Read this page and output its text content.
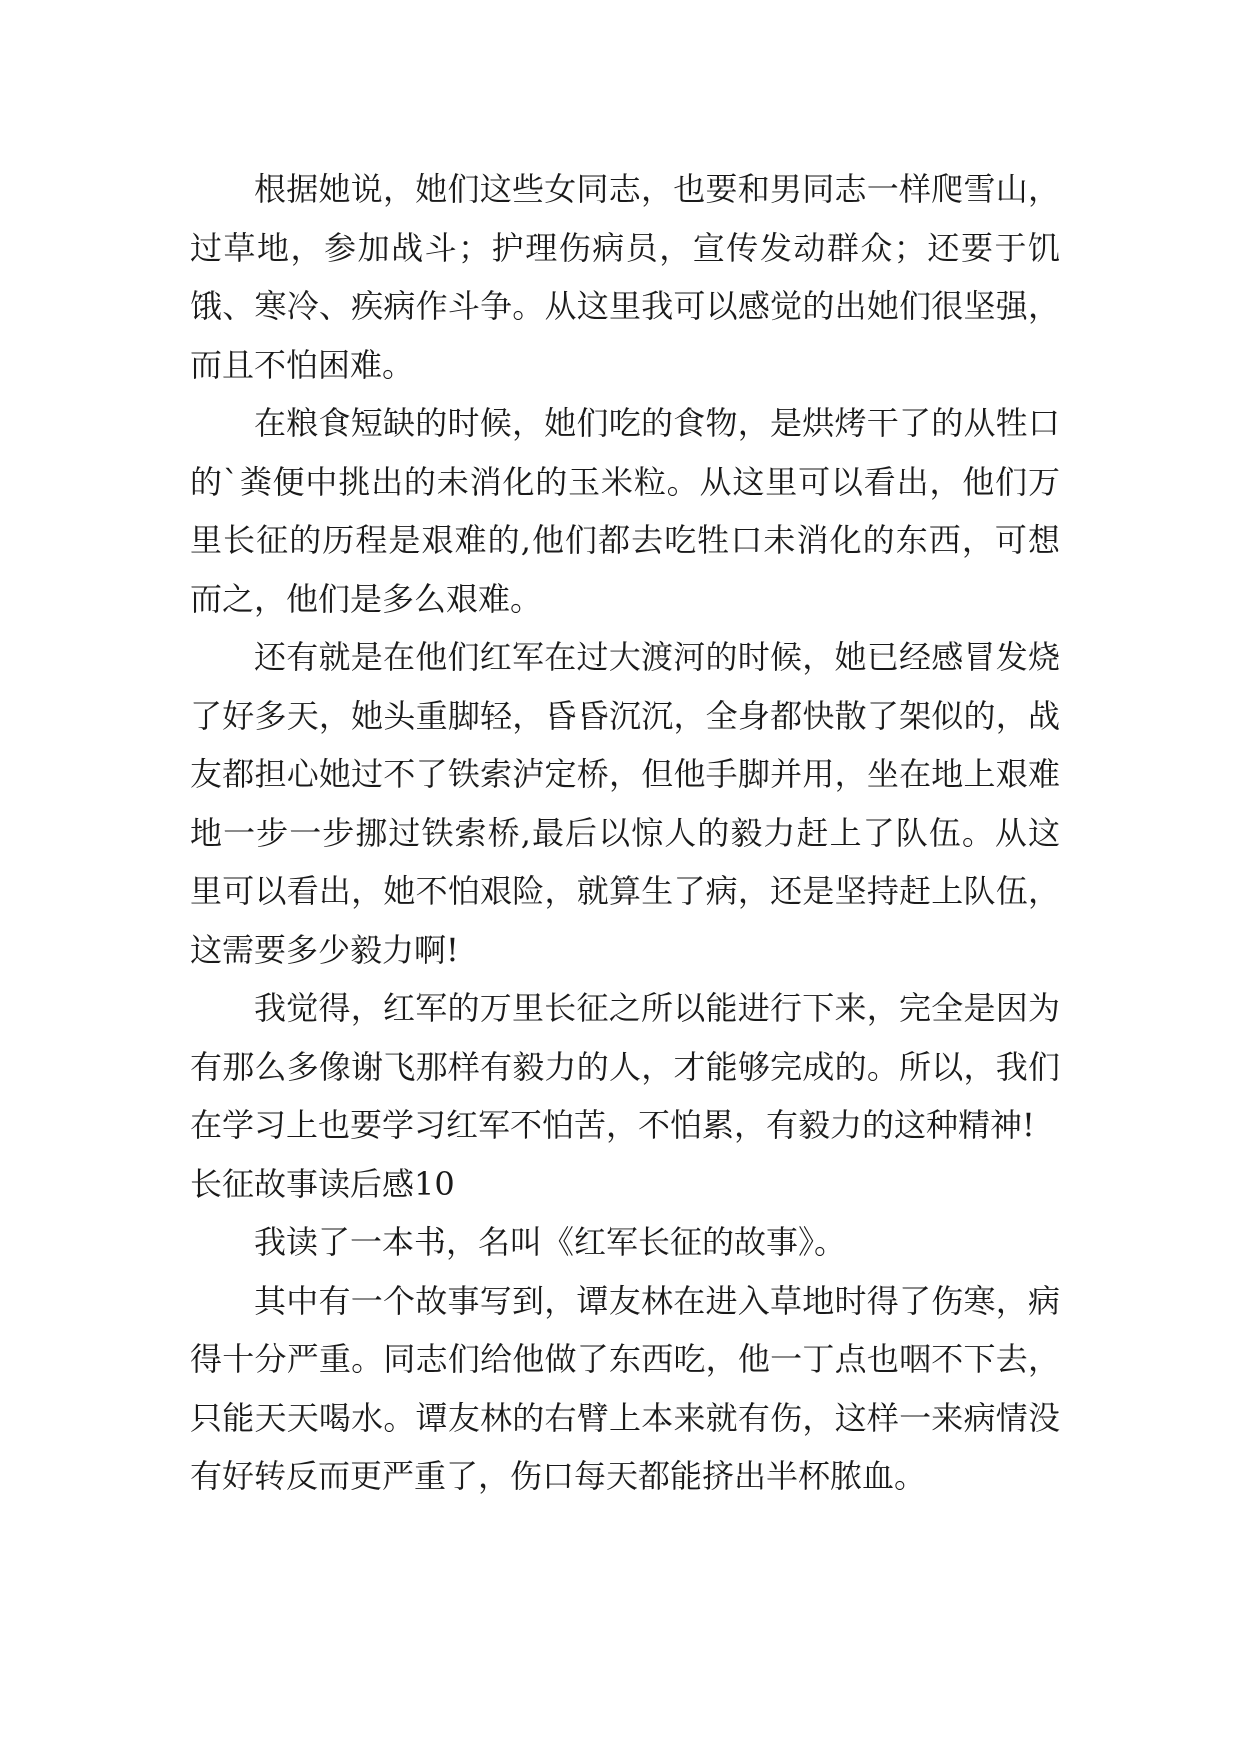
根据她说，她们这些女同志，也要和男同志一样爬雪山，过草地，参加战斗；护理伤病员，宣传发动群众；还要于饥饿、寒冷、疾病作斗争。从这里我可以感觉的出她们很坚强，而且不怕困难。

在粮食短缺的时候，她们吃的食物，是烘烤干了的从牲口的`粪便中挑出的未消化的玉米粒。从这里可以看出，他们万里长征的历程是艰难的,他们都去吃牲口未消化的东西，可想而之，他们是多么艰难。

还有就是在他们红军在过大渡河的时候，她已经感冒发烧了好多天，她头重脚轻，昏昏沉沉，全身都快散了架似的，战友都担心她过不了铁索泸定桥，但他手脚并用，坐在地上艰难地一步一步挪过铁索桥,最后以惊人的毅力赶上了队伍。从这里可以看出，她不怕艰险，就算生了病，还是坚持赶上队伍，这需要多少毅力啊!

我觉得，红军的万里长征之所以能进行下来，完全是因为有那么多像谢飞那样有毅力的人，才能够完成的。所以，我们在学习上也要学习红军不怕苦，不怕累，有毅力的这种精神!

长征故事读后感10

我读了一本书，名叫《红军长征的故事》。

其中有一个故事写到，谭友林在进入草地时得了伤寒，病得十分严重。同志们给他做了东西吃，他一丁点也咽不下去，只能天天喝水。谭友林的右臂上本来就有伤，这样一来病情没有好转反而更严重了，伤口每天都能挤出半杯脓血。
